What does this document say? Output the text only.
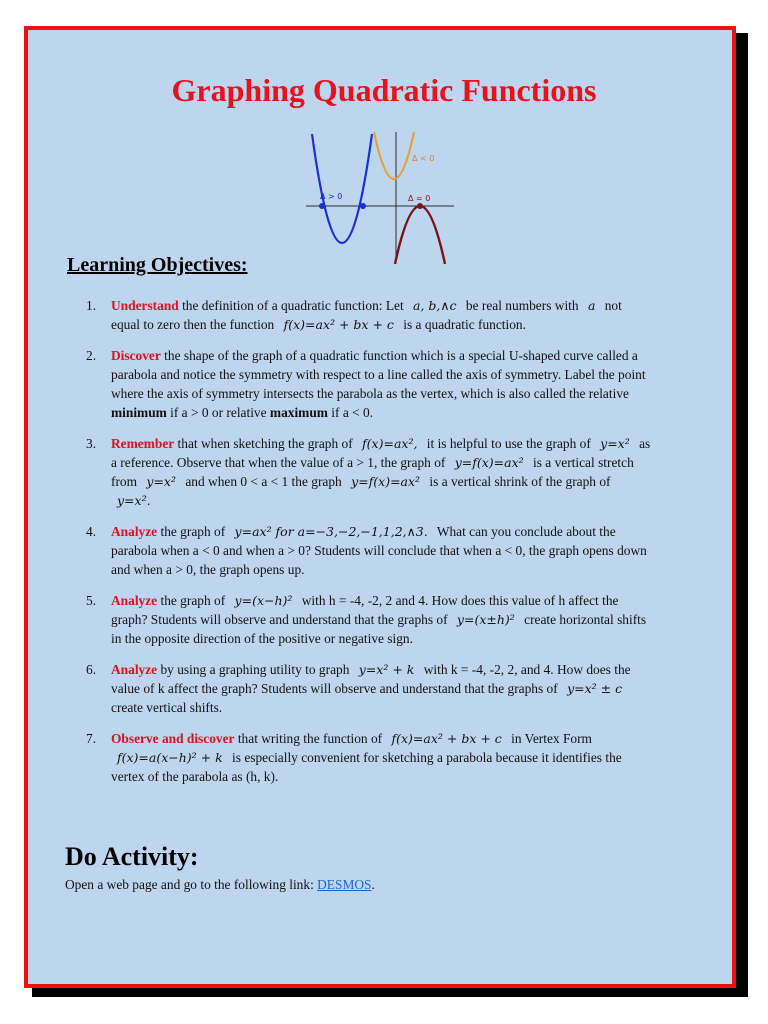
Graphing Quadratic Functions
Δ > 0
Δ < 0
Δ = 0
Learning Objectives:
1. Understand the definition of a quadratic function: Let a, b,∧c be real numbers with a not equal to zero then the function f(x)=ax² + bx + c is a quadratic function.
2. Discover the shape of the graph of a quadratic function which is a special U-shaped curve called a parabola and notice the symmetry with respect to a line called the axis of symmetry. Label the point where the axis of symmetry intersects the parabola as the vertex, which is also called the relative minimum if a > 0 or relative maximum if a < 0.
3. Remember that when sketching the graph of f(x)=ax², it is helpful to use the graph of y=x² as a reference. Observe that when the value of a > 1, the graph of y=f(x)=ax² is a vertical stretch from y=x² and when 0 < a < 1 the graph y=f(x)=ax² is a vertical shrink of the graph of y=x².
4. Analyze the graph of y=ax² for a=−3,−2,−1,1,2,∧3. What can you conclude about the parabola when a < 0 and when a > 0? Students will conclude that when a < 0, the graph opens down and when a > 0, the graph opens up.
5. Analyze the graph of y=(x−h)² with h = -4, -2, 2 and 4. How does this value of h affect the graph? Students will observe and understand that the graphs of y=(x±h)² create horizontal shifts in the opposite direction of the positive or negative sign.
6. Analyze by using a graphing utility to graph y=x² + k with k = -4, -2, 2, and 4. How does the value of k affect the graph? Students will observe and understand that the graphs of y=x² ± c create vertical shifts.
7. Observe and discover that writing the function of f(x)=ax² + bx + c in Vertex Form f(x)=a(x−h)² + k is especially convenient for sketching a parabola because it identifies the vertex of the parabola as (h, k).
Do Activity:

Open a web page and go to the following link: DESMOS.
